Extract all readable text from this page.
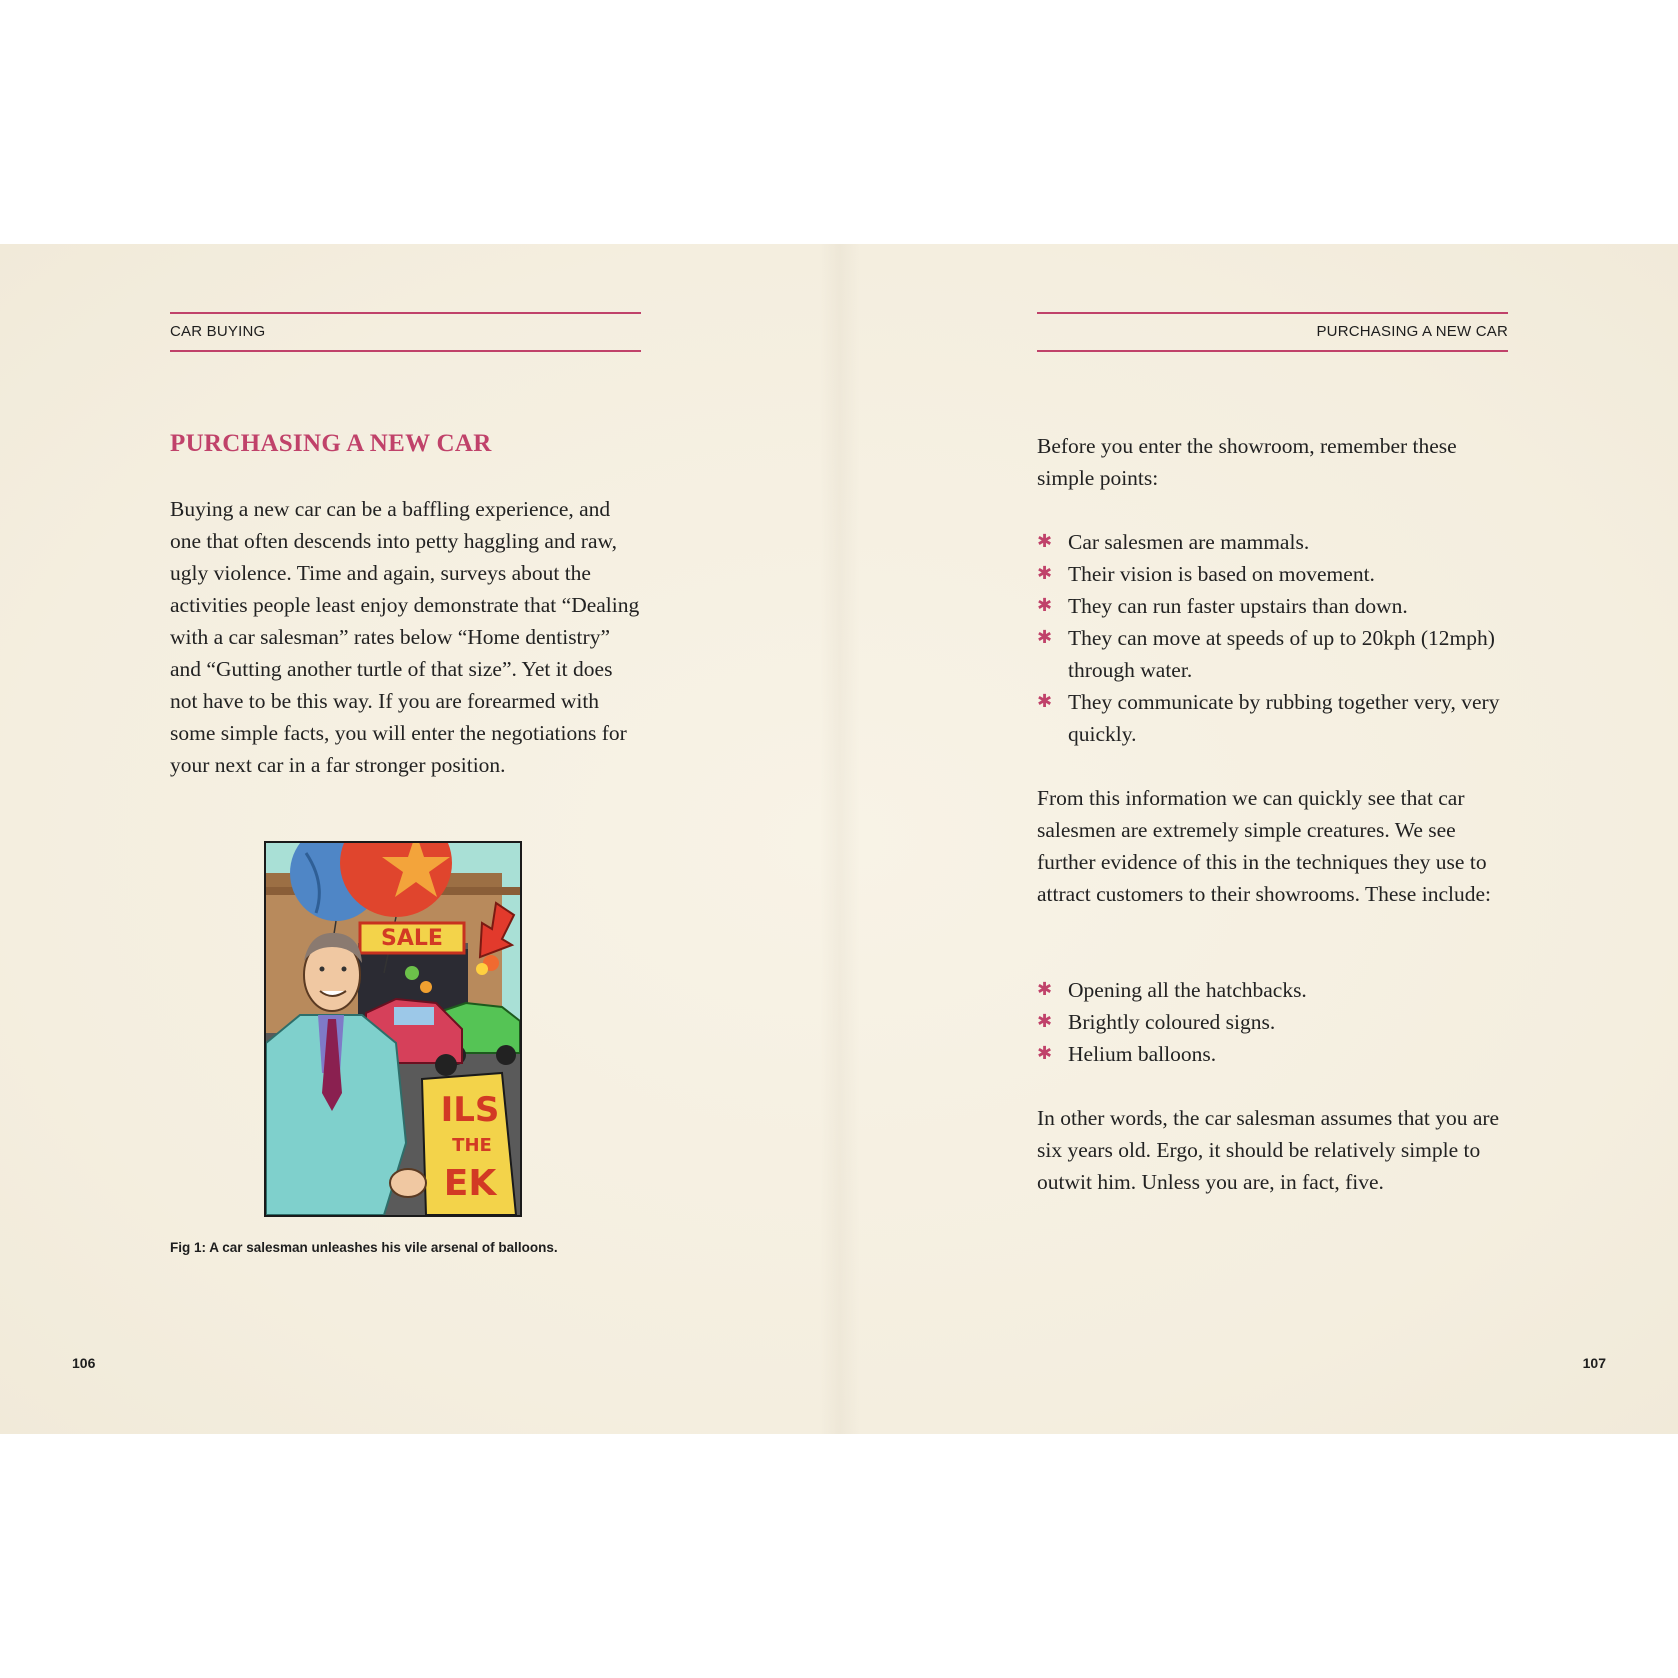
CAR BUYING
PURCHASING A NEW CAR

Buying a new car can be a baffling experience, and one that often descends into petty haggling and raw, ugly violence. Time and again, surveys about the activities people least enjoy demonstrate that “Dealing with a car salesman” rates below “Home dentistry” and “Gutting another turtle of that size”. Yet it does not have to be this way. If you are forearmed with some simple facts, you will enter the negotiations for your next car in a far stronger position.

SALE
ILS
THE
EK

Fig 1: A car salesman unleashes his vile arsenal of balloons.

106

PURCHASING A NEW CAR

Before you enter the showroom, remember these simple points:

✱ Car salesmen are mammals.
✱ Their vision is based on movement.
✱ They can run faster upstairs than down.
✱ They can move at speeds of up to 20kph (12mph) through water.
✱ They communicate by rubbing together very, very quickly.

From this information we can quickly see that car salesmen are extremely simple creatures. We see further evidence of this in the techniques they use to attract customers to their showrooms. These include:

✱ Opening all the hatchbacks.
✱ Brightly coloured signs.
✱ Helium balloons.

In other words, the car salesman assumes that you are six years old. Ergo, it should be relatively simple to outwit him. Unless you are, in fact, five.

107
